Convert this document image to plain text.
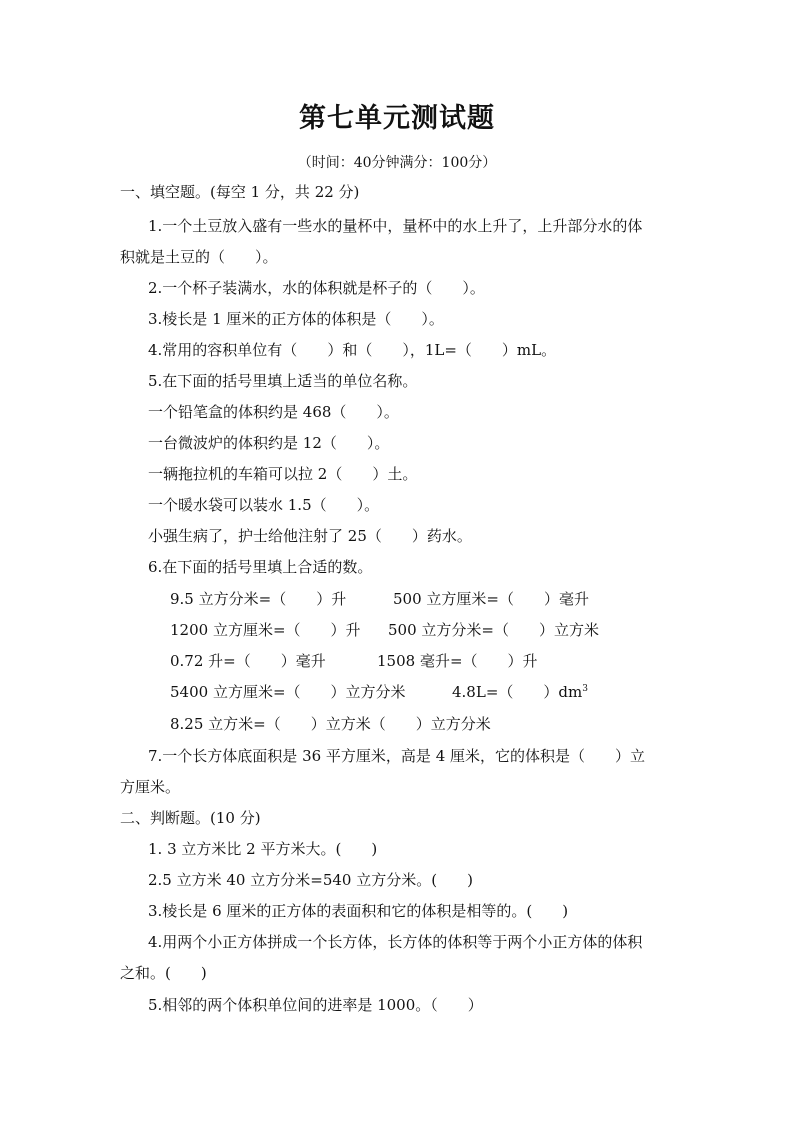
第七单元测试题
（时间：40分钟满分：100分）
一、填空题。(每空 1 分，共 22 分)
1.一个土豆放入盛有一些水的量杯中，量杯中的水上升了，上升部分水的体
积就是土豆的（　　）。
2.一个杯子装满水，水的体积就是杯子的（　　）。
3.棱长是 1 厘米的正方体的体积是（　　）。
4.常用的容积单位有（　　）和（　　），1L=（　　）mL。
5.在下面的括号里填上适当的单位名称。
一个铅笔盒的体积约是 468（　　）。
一台微波炉的体积约是 12（　　）。
一辆拖拉机的车箱可以拉 2（　　）土。
一个暖水袋可以装水 1.5（　　）。
小强生病了，护士给他注射了 25（　　）药水。
6.在下面的括号里填上合适的数。
9.5 立方分米=（　　）升	500 立方厘米=（　　）毫升
1200 立方厘米=（　　）升 500 立方分米=（　　）立方米
0.72 升=（　　）毫升	1508 毫升=（　　）升
5400 立方厘米=（　　）立方分米	4.8L=（　　）$dm^3$
8.25 立方米=（　　）立方米（　　）立方分米
7.一个长方体底面积是 36 平方厘米，高是 4 厘米，它的体积是（　　）立
方厘米。
二、判断题。(10 分)
1. 3 立方米比 2 平方米大。(　　)
2.5 立方米 40 立方分米=540 立方分米。(　　)
3.棱长是 6 厘米的正方体的表面积和它的体积是相等的。(　　)
4.用两个小正方体拼成一个长方体，长方体的体积等于两个小正方体的体积
之和。(　　)
5.相邻的两个体积单位间的进率是 1000。（　　）
